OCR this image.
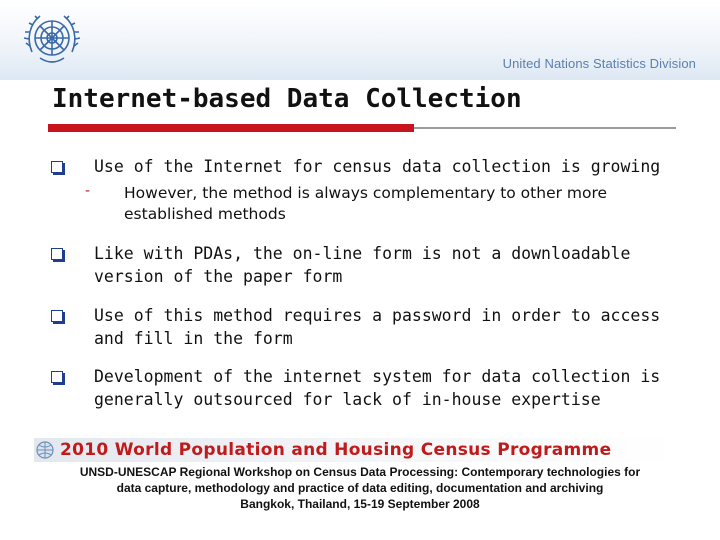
United Nations Statistics Division
Internet-based Data Collection
Use of the Internet for census data collection is growing
- However, the method is always complementary to other more established methods
Like with PDAs, the on-line form is not a downloadable version of the paper form
Use of this method requires a password in order to access and fill in the form
Development of the internet system for data collection is generally outsourced for lack of in-house expertise
2010 World Population and Housing Census Programme
UNSD-UNESCAP Regional Workshop on Census Data Processing: Contemporary technologies for
data capture, methodology and practice of data editing, documentation and archiving
Bangkok, Thailand, 15-19 September 2008
